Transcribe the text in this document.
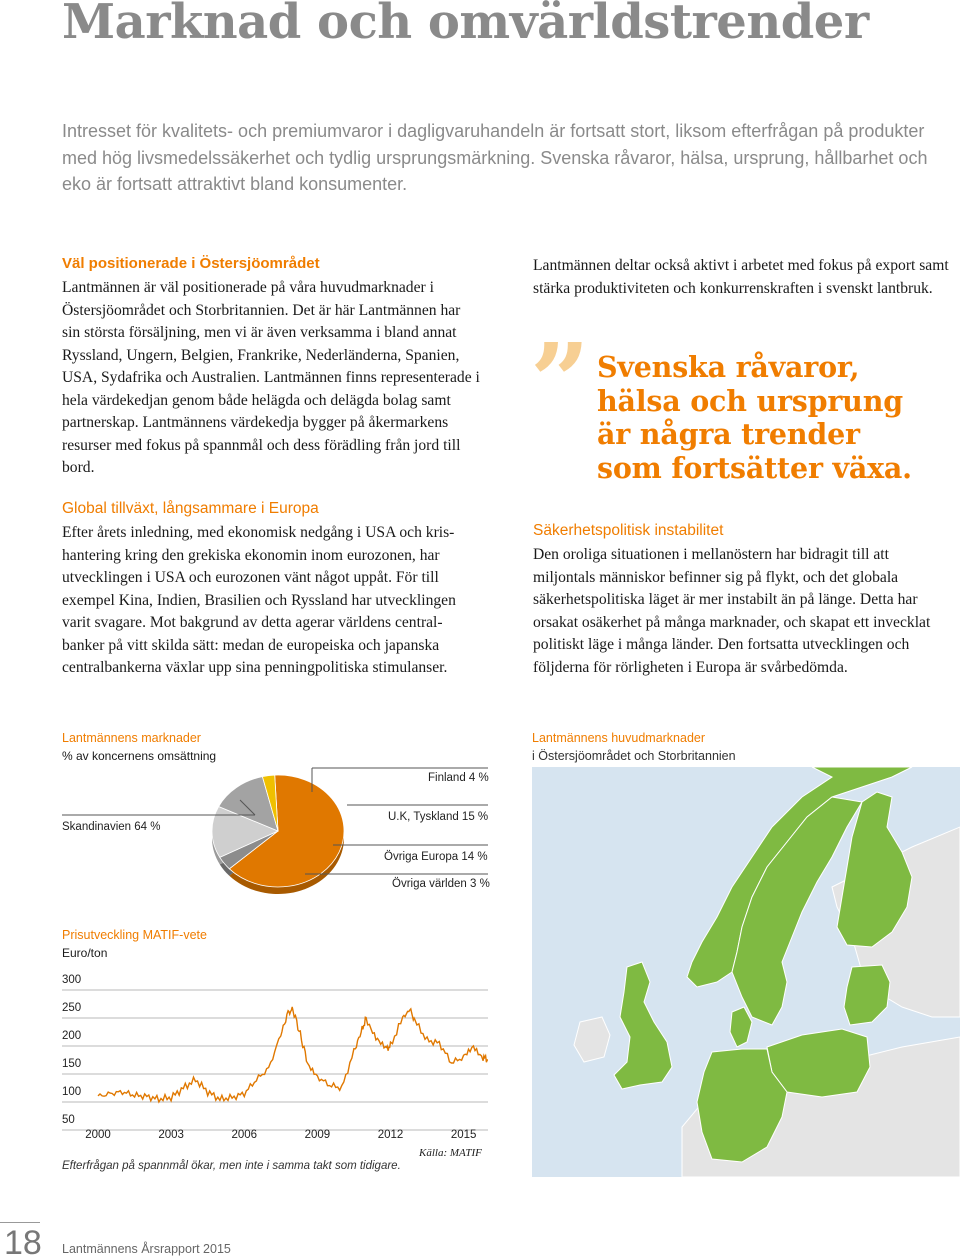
Marknad och omvärldstrender
Intresset för kvalitets- och premiumvaror i dagligvaruhandeln är fortsatt stort, liksom efterfrågan på produkter med hög livsmedelssäkerhet och tydlig ursprungsmärkning. Svenska råvaror, hälsa, ursprung, hållbarhet och eko är fortsatt attraktivt bland konsumenter.
Väl positionerade i Östersjöområdet
Lantmännen är väl positionerade på våra huvudmarknader i Östersjöområdet och Storbritannien. Det är här Lantmännen har sin största försäljning, men vi är även verksamma i bland annat Ryssland, Ungern, Belgien, Frankrike, Nederländerna, Spanien, USA, Sydafrika och Australien. Lantmännen finns representerade i hela värdekedjan genom både helägda och delägda bolag samt partnerskap. Lantmännens värdekedja bygger på åkermarkens resurser med fokus på spannmål och dess förädling från jord till bord.
Global tillväxt, långsammare i Europa
Efter årets inledning, med ekonomisk nedgång i USA och kris-hantering kring den grekiska ekonomin inom eurozonen, har utvecklingen i USA och eurozonen vänt något uppåt. För till exempel Kina, Indien, Brasilien och Ryssland har utvecklingen varit svagare. Mot bakgrund av detta agerar världens central-banker på vitt skilda sätt: medan de europeiska och japanska centralbankerna växlar upp sina penningpolitiska stimulanser.
Lantmännen deltar också aktivt i arbetet med fokus på export samt stärka produktiviteten och konkurrenskraften i svenskt lantbruk.
” Svenska råvaror,
hälsa och ursprung
är några trender
som fortsätter växa.
Säkerhetspolitisk instabilitet
Den oroliga situationen i mellanöstern har bidragit till att miljontals människor befinner sig på flykt, och det globala säkerhetspolitiska läget är mer instabilt än på länge. Detta har orsakat osäkerhet på många marknader, och skapat ett invecklat politiskt läge i många länder. Den fortsatta utvecklingen och följderna för rörligheten i Europa är svårbedömda.
Lantmännens marknader
% av koncernens omsättning
Skandinavien 64 %
Finland 4 %
U.K, Tyskland 15 %
Övriga Europa 14 %
Övriga världen 3 %
Prisutveckling MATIF-vete
Euro/ton
300
250
200
150
100
50
2000	2003	2006	2009	2012	2015
Källa: MATIF
Efterfrågan på spannmål ökar, men inte i samma takt som tidigare.
Lantmännens huvudmarknader
i Östersjöområdet och Storbritannien
18 Lantmännens Årsrapport 2015
